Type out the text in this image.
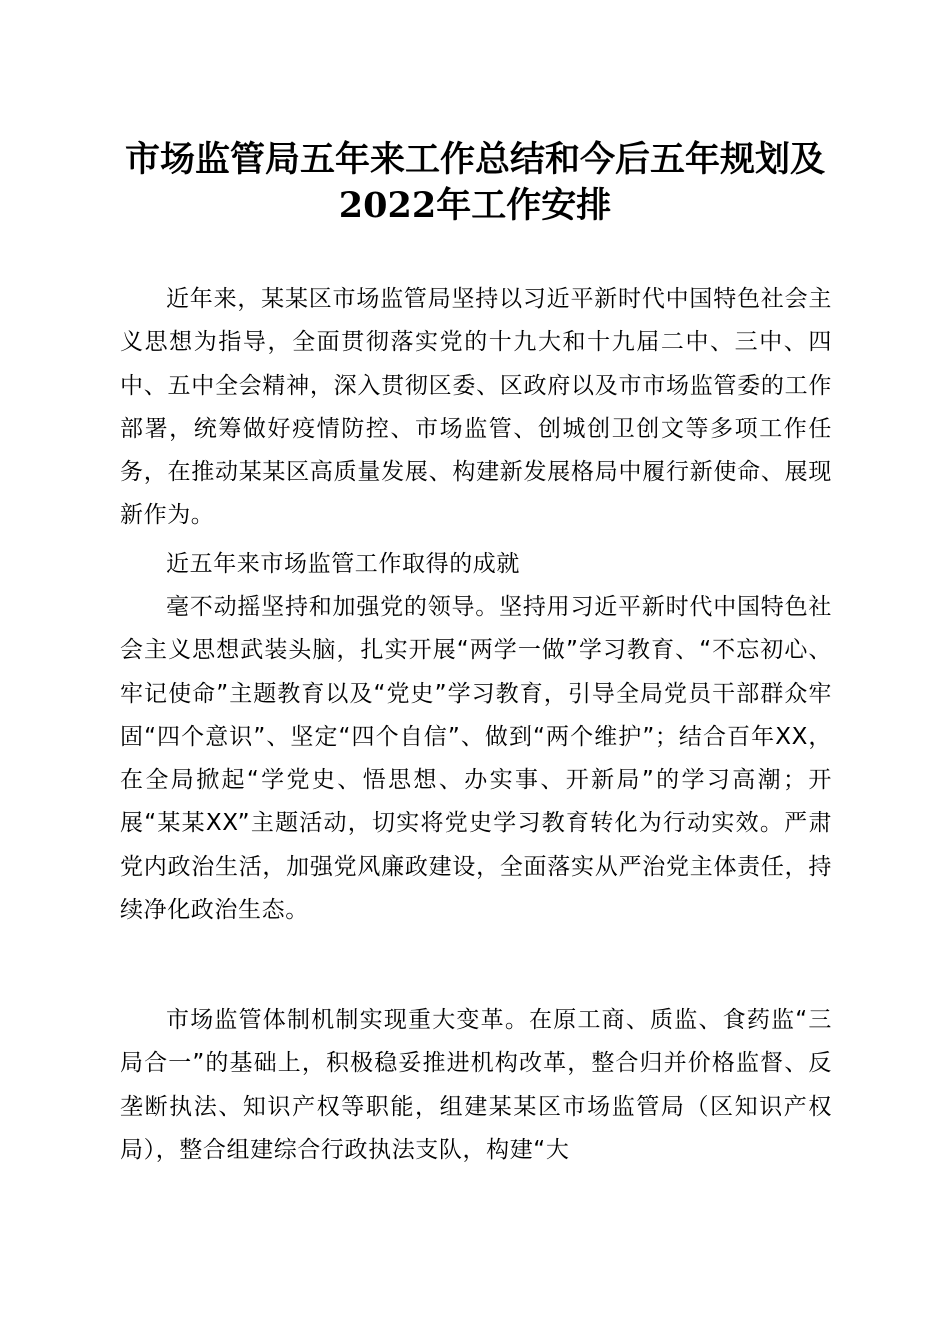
市场监管局五年来工作总结和今后五年规划及
2022年工作安排

近年来，某某区市场监管局坚持以习近平新时代中国特色社会主义思想为指导，全面贯彻落实党的十九大和十九届二中、三中、四中、五中全会精神，深入贯彻区委、区政府以及市市场监管委的工作部署，统筹做好疫情防控、市场监管、创城创卫创文等多项工作任务，在推动某某区高质量发展、构建新发展格局中履行新使命、展现新作为。

近五年来市场监管工作取得的成就

毫不动摇坚持和加强党的领导。坚持用习近平新时代中国特色社会主义思想武装头脑，扎实开展“两学一做”学习教育、“不忘初心、牢记使命”主题教育以及“党史”学习教育，引导全局党员干部群众牢固“四个意识”、坚定“四个自信”、做到“两个维护”；结合百年XX，在全局掀起“学党史、悟思想、办实事、开新局”的学习高潮；开展“某某XX”主题活动，切实将党史学习教育转化为行动实效。严肃党内政治生活，加强党风廉政建设，全面落实从严治党主体责任，持续净化政治生态。

市场监管体制机制实现重大变革。在原工商、质监、食药监“三局合一”的基础上，积极稳妥推进机构改革，整合归并价格监督、反垄断执法、知识产权等职能，组建某某区市场监管局（区知识产权局），整合组建综合行政执法支队，构建“大
